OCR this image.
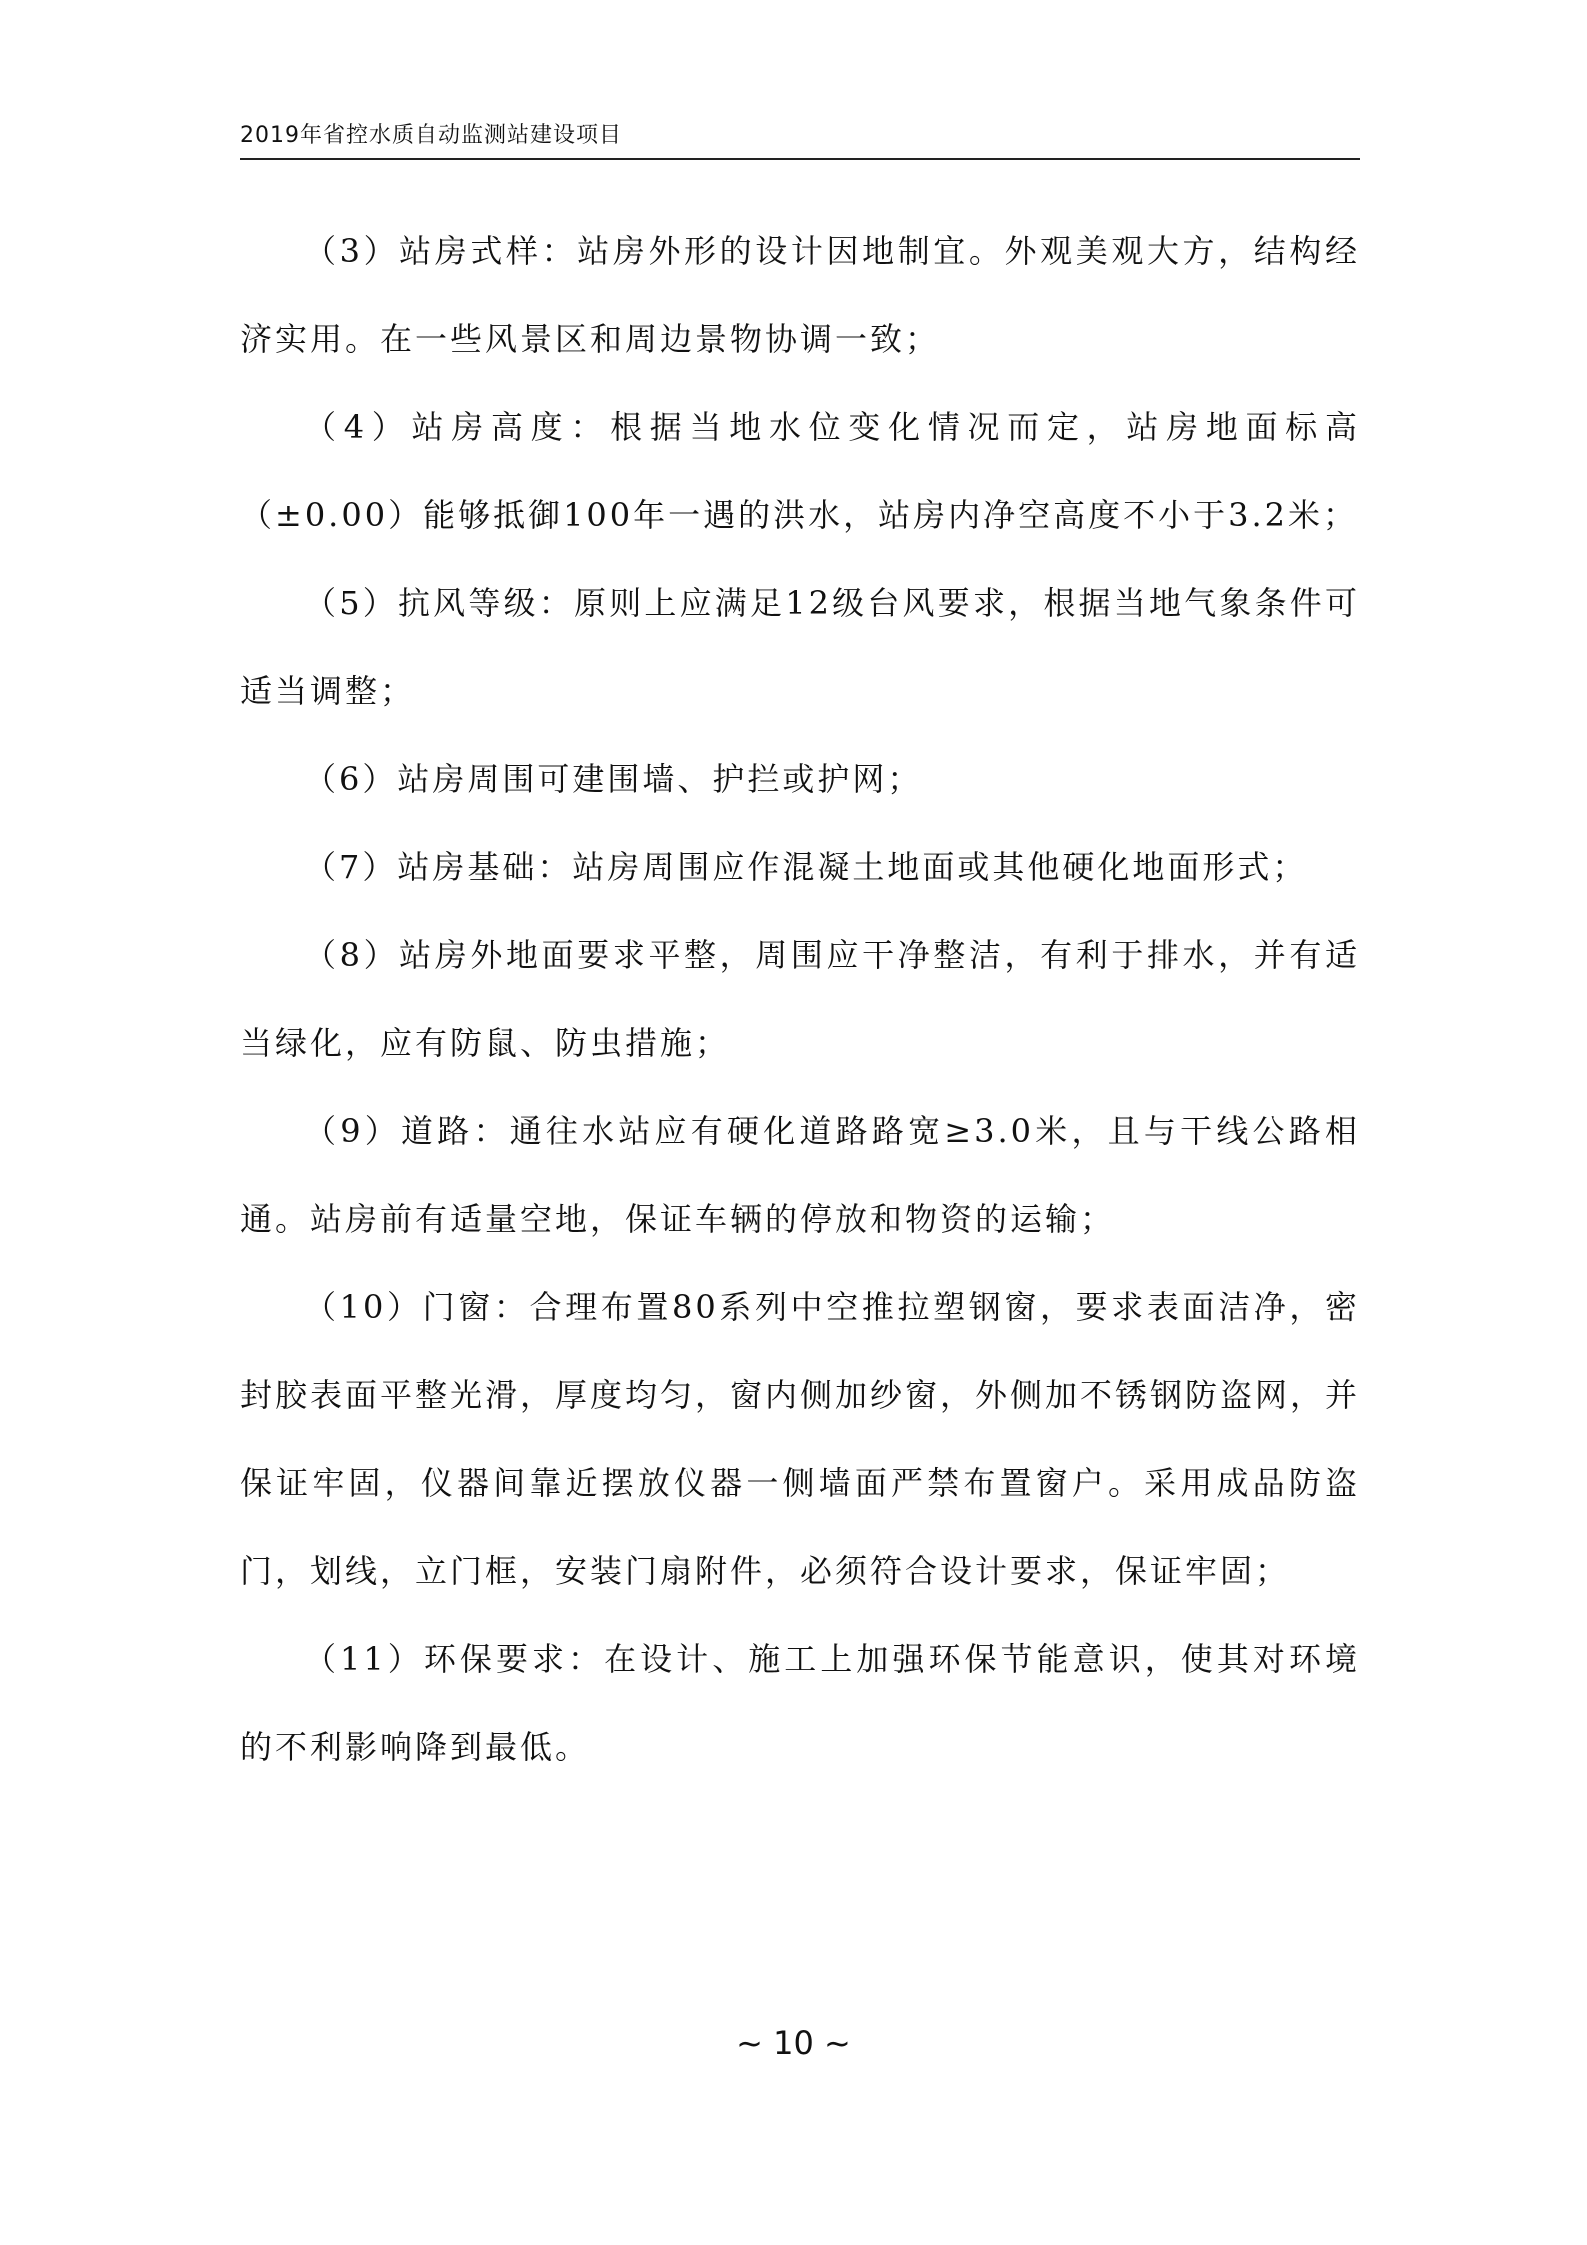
2019年省控水质自动监测站建设项目

（3）站房式样：站房外形的设计因地制宜。外观美观大方，结构经济实用。在一些风景区和周边景物协调一致；

（4）站房高度：根据当地水位变化情况而定，站房地面标高（±0.00）能够抵御100年一遇的洪水，站房内净空高度不小于3.2米；

（5）抗风等级：原则上应满足12级台风要求，根据当地气象条件可适当调整；

（6）站房周围可建围墙、护拦或护网；

（7）站房基础：站房周围应作混凝土地面或其他硬化地面形式；

（8）站房外地面要求平整，周围应干净整洁，有利于排水，并有适当绿化，应有防鼠、防虫措施；

（9）道路：通往水站应有硬化道路路宽≥3.0米，且与干线公路相通。站房前有适量空地，保证车辆的停放和物资的运输；

（10）门窗：合理布置80系列中空推拉塑钢窗，要求表面洁净，密封胶表面平整光滑，厚度均匀，窗内侧加纱窗，外侧加不锈钢防盗网，并保证牢固，仪器间靠近摆放仪器一侧墙面严禁布置窗户。采用成品防盗门，划线，立门框，安装门扇附件，必须符合设计要求，保证牢固；

（11）环保要求：在设计、施工上加强环保节能意识，使其对环境的不利影响降到最低。

~ 10 ~
